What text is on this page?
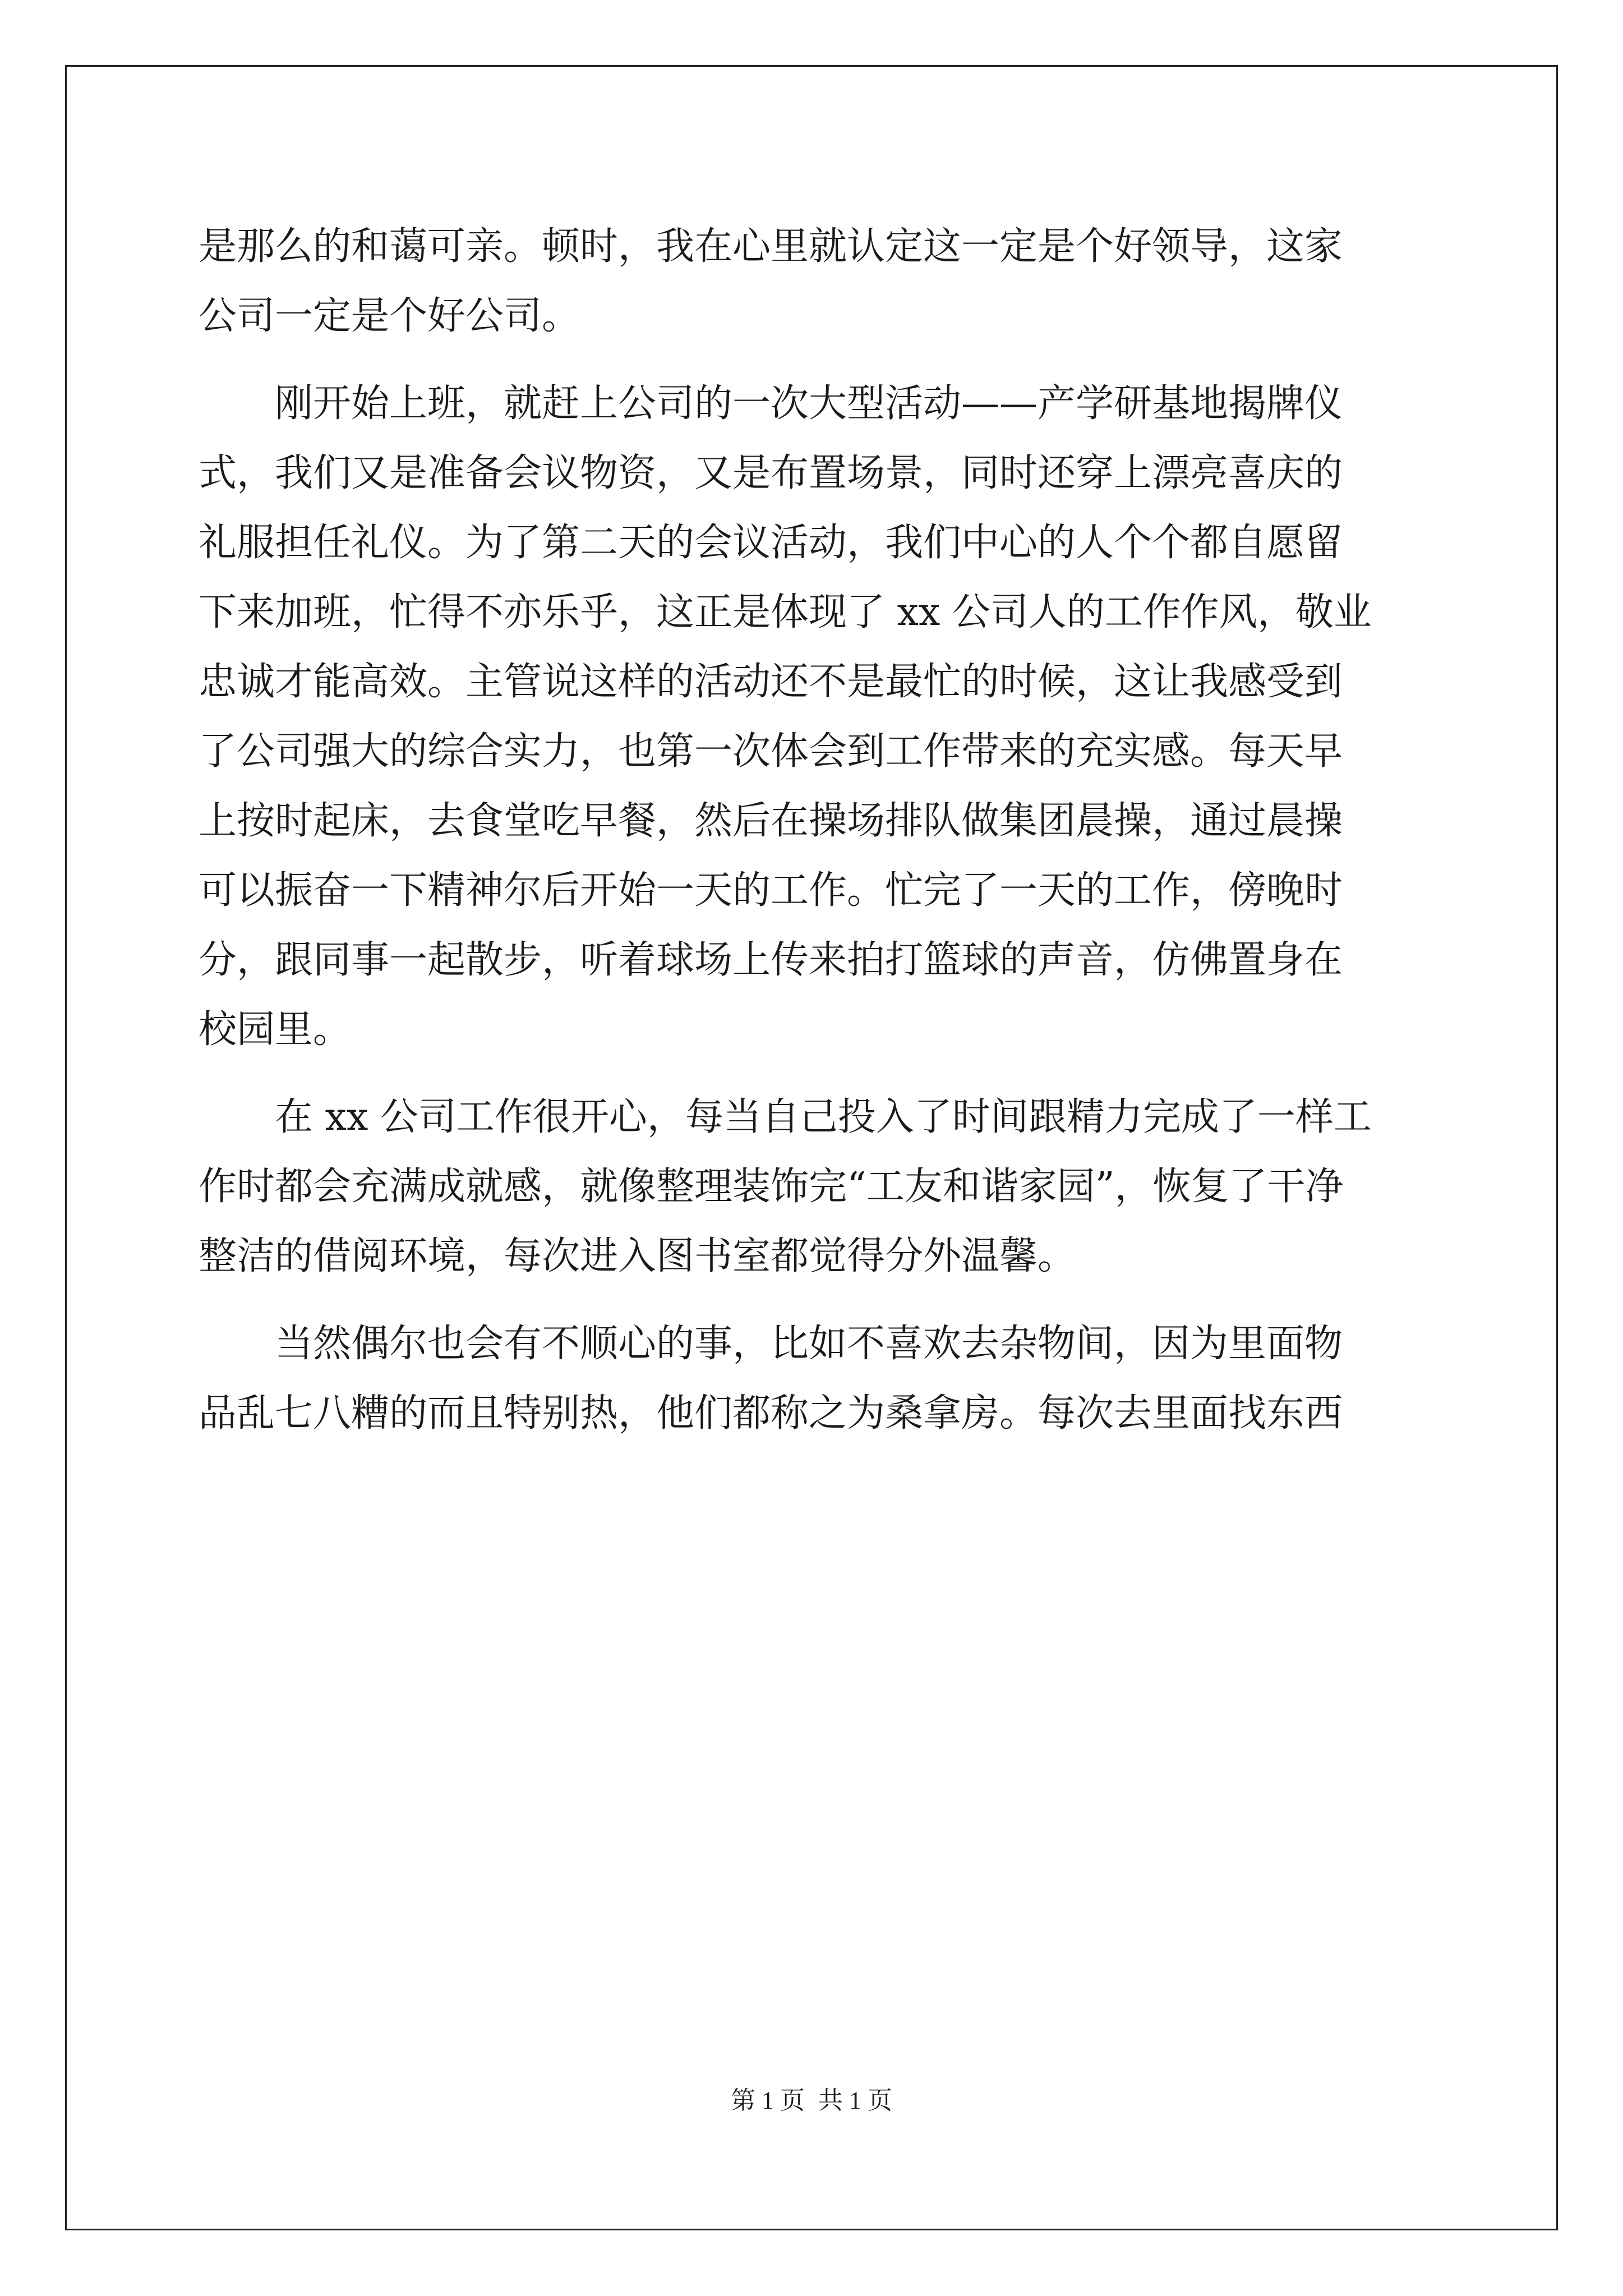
是那么的和蔼可亲。顿时，我在心里就认定这一定是个好领导，这家
公司一定是个好公司。
刚开始上班，就赶上公司的一次大型活动——产学研基地揭牌仪
式，我们又是准备会议物资，又是布置场景，同时还穿上漂亮喜庆的
礼服担任礼仪。为了第二天的会议活动，我们中心的人个个都自愿留
下来加班，忙得不亦乐乎，这正是体现了 xx 公司人的工作作风，敬业
忠诚才能高效。主管说这样的活动还不是最忙的时候，这让我感受到
了公司强大的综合实力，也第一次体会到工作带来的充实感。每天早
上按时起床，去食堂吃早餐，然后在操场排队做集团晨操，通过晨操
可以振奋一下精神尔后开始一天的工作。忙完了一天的工作，傍晚时
分，跟同事一起散步，听着球场上传来拍打篮球的声音，仿佛置身在
校园里。
在 xx 公司工作很开心，每当自己投入了时间跟精力完成了一样工
作时都会充满成就感，就像整理装饰完“工友和谐家园”，恢复了干净
整洁的借阅环境，每次进入图书室都觉得分外温馨。
当然偶尔也会有不顺心的事，比如不喜欢去杂物间，因为里面物
品乱七八糟的而且特别热，他们都称之为桑拿房。每次去里面找东西
第 1 页 共 1 页
